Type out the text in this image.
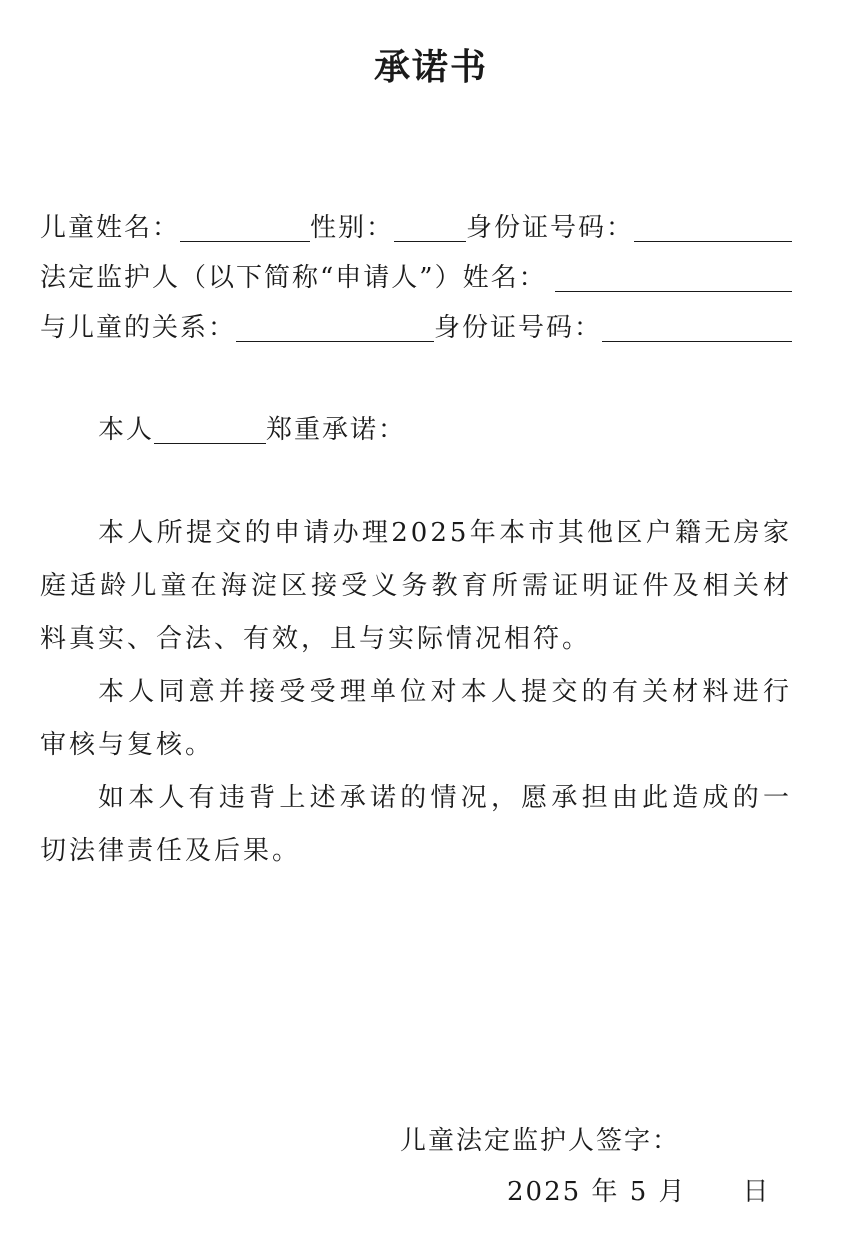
承诺书
儿童姓名：	性别：	身份证号码：
法定监护人（以下简称“申请人”）姓名：
与儿童的关系：	身份证号码：
本人	郑重承诺：
本人所提交的申请办理2025年本市其他区户籍无房家庭适龄儿童在海淀区接受义务教育所需证明证件及相关材料真实、合法、有效，且与实际情况相符。
本人同意并接受受理单位对本人提交的有关材料进行审核与复核。
如本人有违背上述承诺的情况，愿承担由此造成的一切法律责任及后果。
儿童法定监护人签字：
2025 年 5 月　　日
